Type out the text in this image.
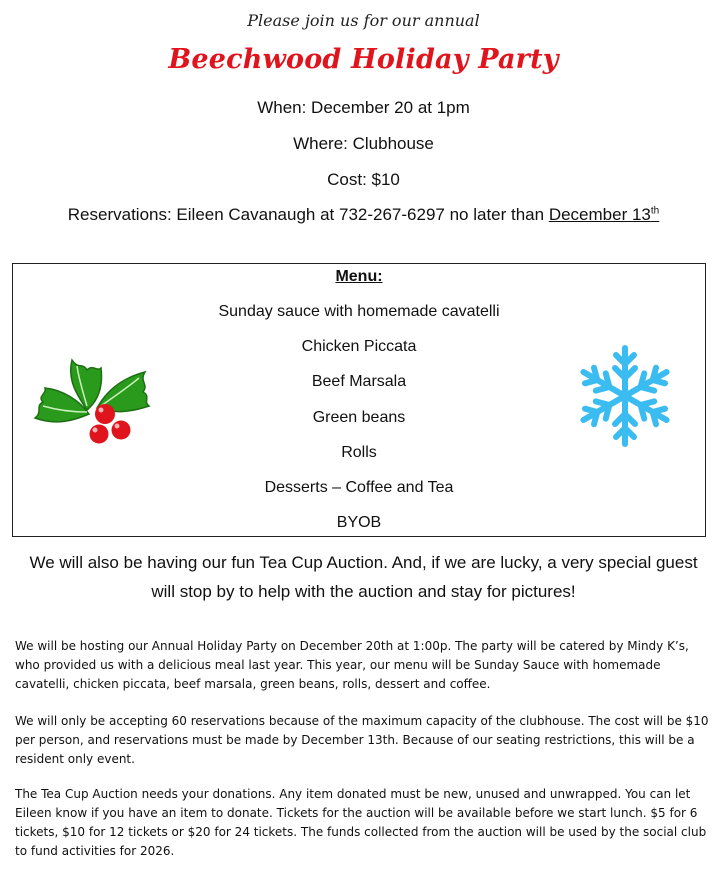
Please join us for our annual
Beechwood Holiday Party
When: December 20 at 1pm
Where: Clubhouse
Cost: $10
Reservations: Eileen Cavanaugh at 732-267-6297 no later than December 13th
Menu:
Sunday sauce with homemade cavatelli
Chicken Piccata
Beef Marsala
Green beans
Rolls
Desserts – Coffee and Tea
BYOB
We will also be having our fun Tea Cup Auction. And, if we are lucky, a very special guest
will stop by to help with the auction and stay for pictures!
We will be hosting our Annual Holiday Party on December 20th at 1:00p. The party will be catered by Mindy K’s, who provided us with a delicious meal last year. This year, our menu will be Sunday Sauce with homemade cavatelli, chicken piccata, beef marsala, green beans, rolls, dessert and coffee.
We will only be accepting 60 reservations because of the maximum capacity of the clubhouse. The cost will be $10 per person, and reservations must be made by December 13th. Because of our seating restrictions, this will be a resident only event.
The Tea Cup Auction needs your donations. Any item donated must be new, unused and unwrapped. You can let Eileen know if you have an item to donate. Tickets for the auction will be available before we start lunch. $5 for 6 tickets, $10 for 12 tickets or $20 for 24 tickets. The funds collected from the auction will be used by the social club to fund activities for 2026.
